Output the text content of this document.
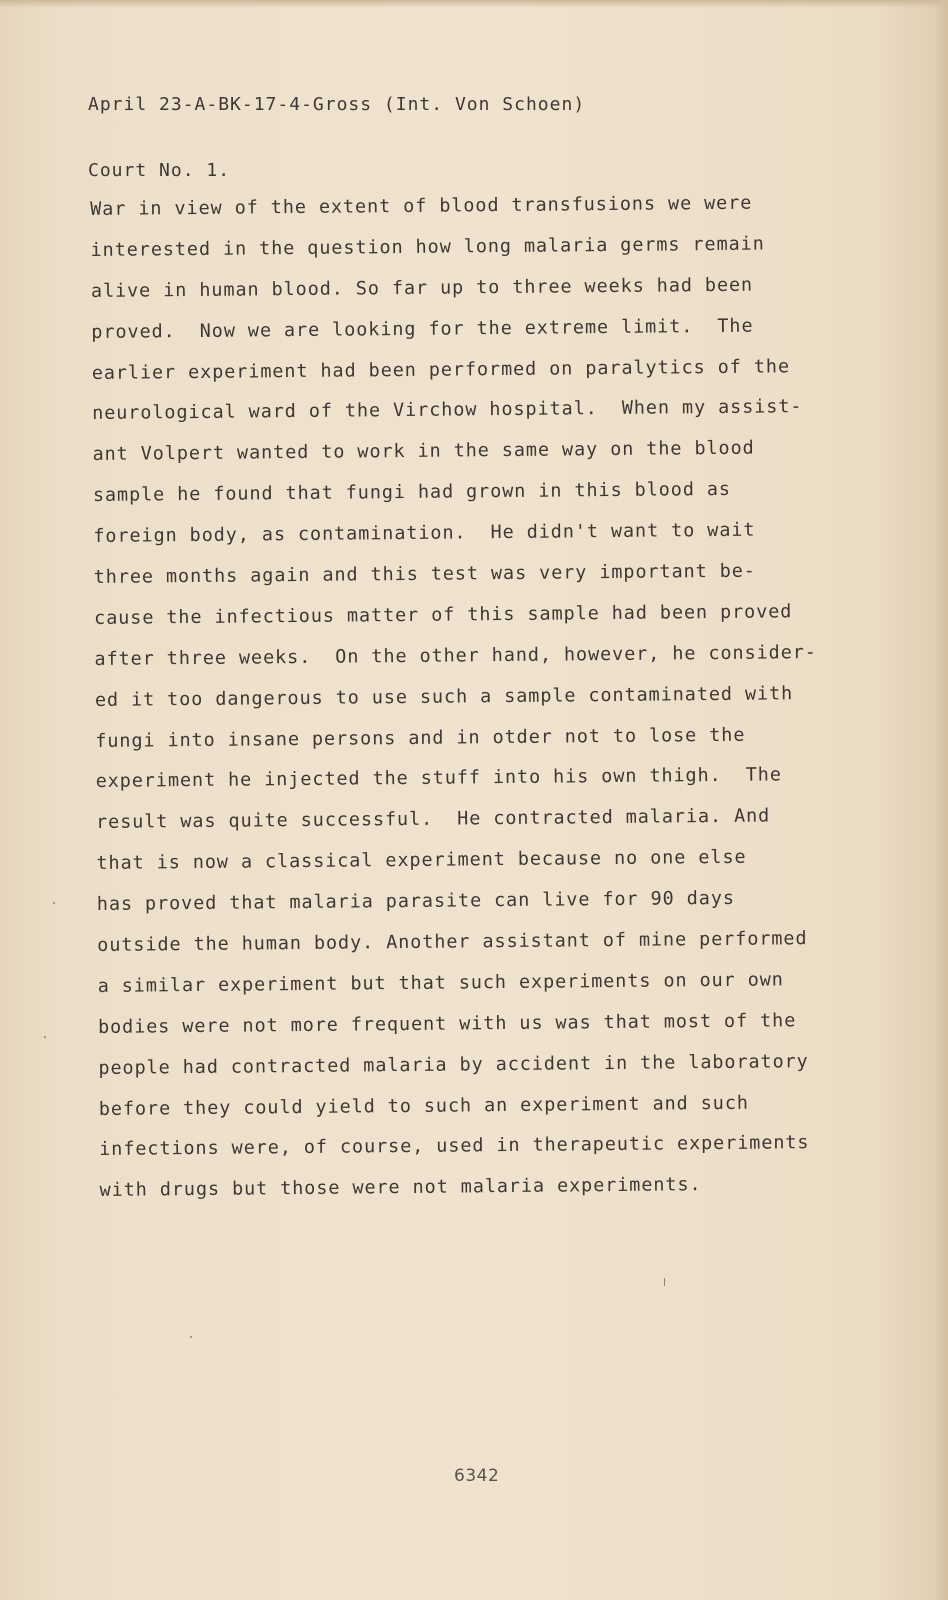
April 23-A-BK-17-4-Gross (Int. Von Schoen)

Court No. 1.

War in view of the extent of blood transfusions we were
interested in the question how long malaria germs remain
alive in human blood. So far up to three weeks had been
proved.  Now we are looking for the extreme limit.  The
earlier experiment had been performed on paralytics of the
neurological ward of the Virchow hospital.  When my assist-
ant Volpert wanted to work in the same way on the blood
sample he found that fungi had grown in this blood as
foreign body, as contamination.  He didn't want to wait
three months again and this test was very important be-
cause the infectious matter of this sample had been proved
after three weeks.  On the other hand, however, he consider-
ed it too dangerous to use such a sample contaminated with
fungi into insane persons and in otder not to lose the
experiment he injected the stuff into his own thigh.  The
result was quite successful.  He contracted malaria. And
that is now a classical experiment because no one else
has proved that malaria parasite can live for 90 days
outside the human body. Another assistant of mine performed
a similar experiment but that such experiments on our own
bodies were not more frequent with us was that most of the
people had contracted malaria by accident in the laboratory
before they could yield to such an experiment and such
infections were, of course, used in therapeutic experiments
with drugs but those were not malaria experiments.
6342
